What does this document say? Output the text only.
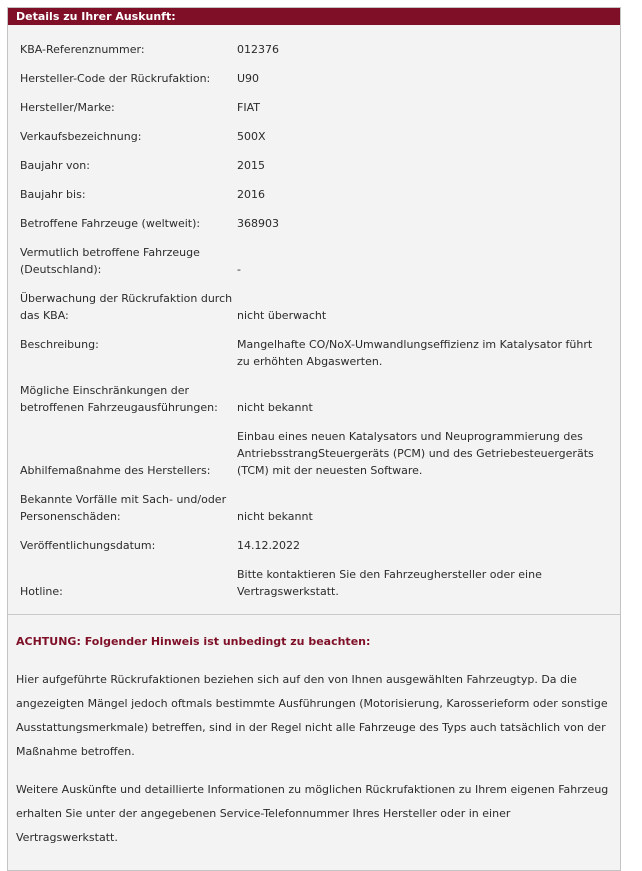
Details zu Ihrer Auskunft:
KBA-Referenznummer:	012376
Hersteller-Code der Rückrufaktion:	U90
Hersteller/Marke:	FIAT
Verkaufsbezeichnung:	500X
Baujahr von:	2015
Baujahr bis:	2016
Betroffene Fahrzeuge (weltweit):	368903
Vermutlich betroffene Fahrzeuge (Deutschland):	-
Überwachung der Rückrufaktion durch das KBA:	nicht überwacht
Beschreibung:	Mangelhafte CO/NoX-Umwandlungseffizienz im Katalysator führt zu erhöhten Abgaswerten.
Mögliche Einschränkungen der betroffenen Fahrzeugausführungen:	nicht bekannt
Abhilfemaßnahme des Herstellers:	Einbau eines neuen Katalysators und Neuprogrammierung des AntriebsstrangSteuergeräts (PCM) und des Getriebesteuergeräts (TCM) mit der neuesten Software.
Bekannte Vorfälle mit Sach- und/oder Personenschäden:	nicht bekannt
Veröffentlichungsdatum:	14.12.2022
Hotline:	Bitte kontaktieren Sie den Fahrzeughersteller oder eine Vertragswerkstatt.
ACHTUNG: Folgender Hinweis ist unbedingt zu beachten:

Hier aufgeführte Rückrufaktionen beziehen sich auf den von Ihnen ausgewählten Fahrzeugtyp. Da die angezeigten Mängel jedoch oftmals bestimmte Ausführungen (Motorisierung, Karosserieform oder sonstige Ausstattungsmerkmale) betreffen, sind in der Regel nicht alle Fahrzeuge des Typs auch tatsächlich von der Maßnahme betroffen.

Weitere Auskünfte und detaillierte Informationen zu möglichen Rückrufaktionen zu Ihrem eigenen Fahrzeug erhalten Sie unter der angegebenen Service-Telefonnummer Ihres Hersteller oder in einer Vertragswerkstatt.
